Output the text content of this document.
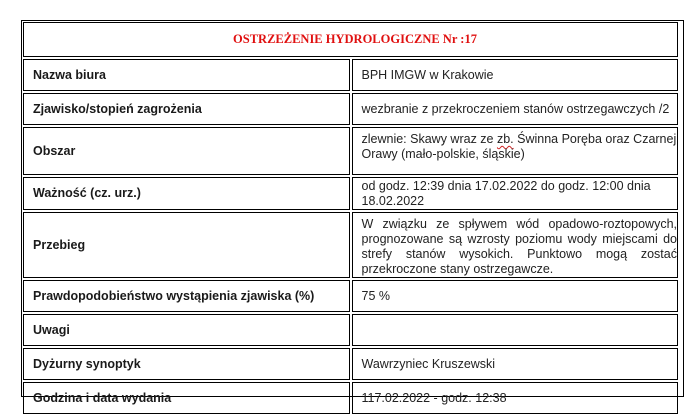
OSTRZEŻENIE HYDROLOGICZNE Nr :17	
Nazwa biura	BPH IMGW w Krakowie
Zjawisko/stopień zagrożenia	wezbranie z przekroczeniem stanów ostrzegawczych /2
Obszar	zlewnie: Skawy wraz ze zb. Świnna Poręba oraz Czarnej Orawy (mało-polskie, śląskie)
Ważność (cz. urz.)	od godz. 12:39 dnia 17.02.2022 do godz. 12:00 dnia 18.02.2022
Przebieg	W związku ze spływem wód opadowo-roztopowych, prognozowane są wzrosty poziomu wody miejscami do strefy stanów wysokich. Punktowo mogą zostać przekroczone stany ostrzegawcze.
Prawdopodobieństwo wystąpienia zjawiska (%)	75 %
Uwagi	
Dyżurny synoptyk	Wawrzyniec Kruszewski
Godzina i data wydania	117.02.2022 - godz. 12:38
